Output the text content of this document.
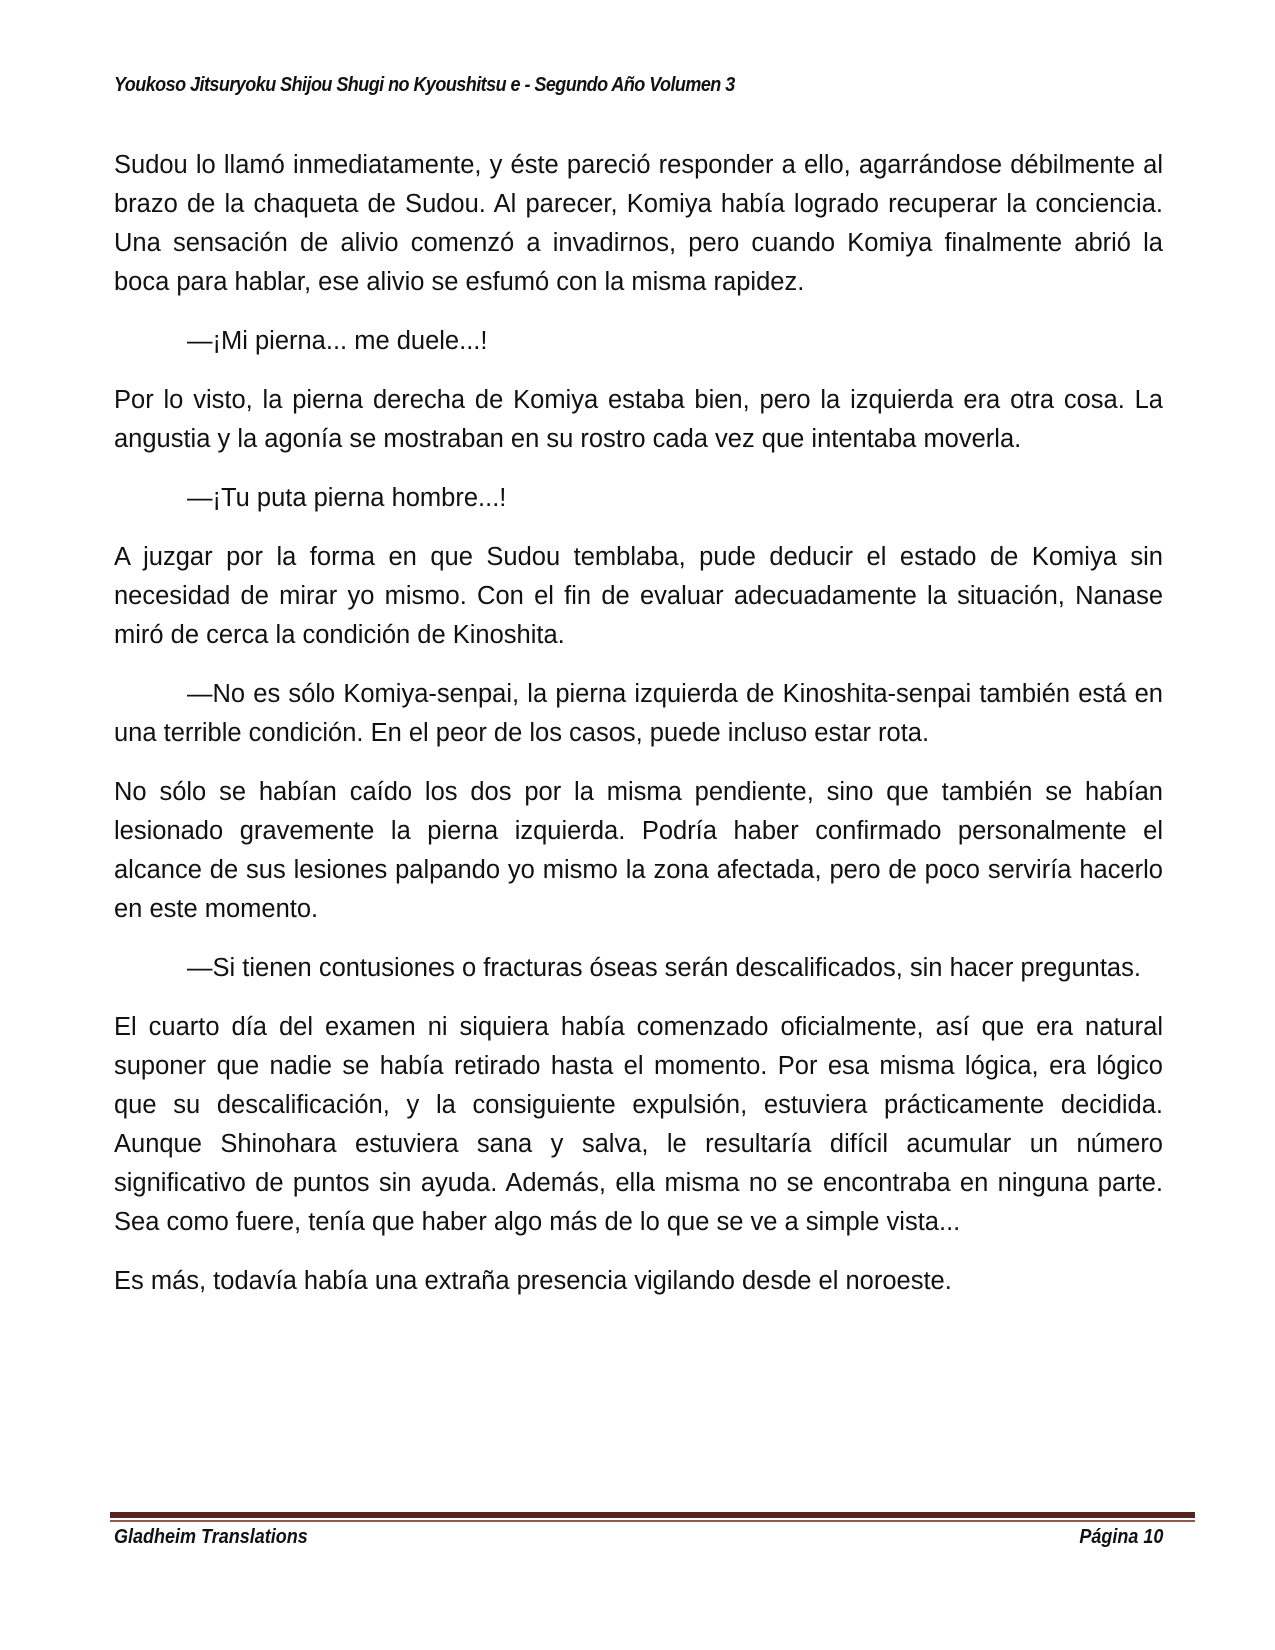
Youkoso Jitsuryoku Shijou Shugi no Kyoushitsu e - Segundo Año Volumen 3

Sudou lo llamó inmediatamente, y éste pareció responder a ello, agarrándose débilmente al brazo de la chaqueta de Sudou. Al parecer, Komiya había logrado recuperar la conciencia. Una sensación de alivio comenzó a invadirnos, pero cuando Komiya finalmente abrió la boca para hablar, ese alivio se esfumó con la misma rapidez.

—¡Mi pierna... me duele...!

Por lo visto, la pierna derecha de Komiya estaba bien, pero la izquierda era otra cosa. La angustia y la agonía se mostraban en su rostro cada vez que intentaba moverla.

—¡Tu puta pierna hombre...!

A juzgar por la forma en que Sudou temblaba, pude deducir el estado de Komiya sin necesidad de mirar yo mismo. Con el fin de evaluar adecuadamente la situación, Nanase miró de cerca la condición de Kinoshita.

—No es sólo Komiya-senpai, la pierna izquierda de Kinoshita-senpai también está en una terrible condición. En el peor de los casos, puede incluso estar rota.

No sólo se habían caído los dos por la misma pendiente, sino que también se habían lesionado gravemente la pierna izquierda. Podría haber confirmado personalmente el alcance de sus lesiones palpando yo mismo la zona afectada, pero de poco serviría hacerlo en este momento.

—Si tienen contusiones o fracturas óseas serán descalificados, sin hacer preguntas.

El cuarto día del examen ni siquiera había comenzado oficialmente, así que era natural suponer que nadie se había retirado hasta el momento. Por esa misma lógica, era lógico que su descalificación, y la consiguiente expulsión, estuviera prácticamente decidida. Aunque Shinohara estuviera sana y salva, le resultaría difícil acumular un número significativo de puntos sin ayuda. Además, ella misma no se encontraba en ninguna parte. Sea como fuere, tenía que haber algo más de lo que se ve a simple vista...

Es más, todavía había una extraña presencia vigilando desde el noroeste.

Gladheim Translations	Página 10
